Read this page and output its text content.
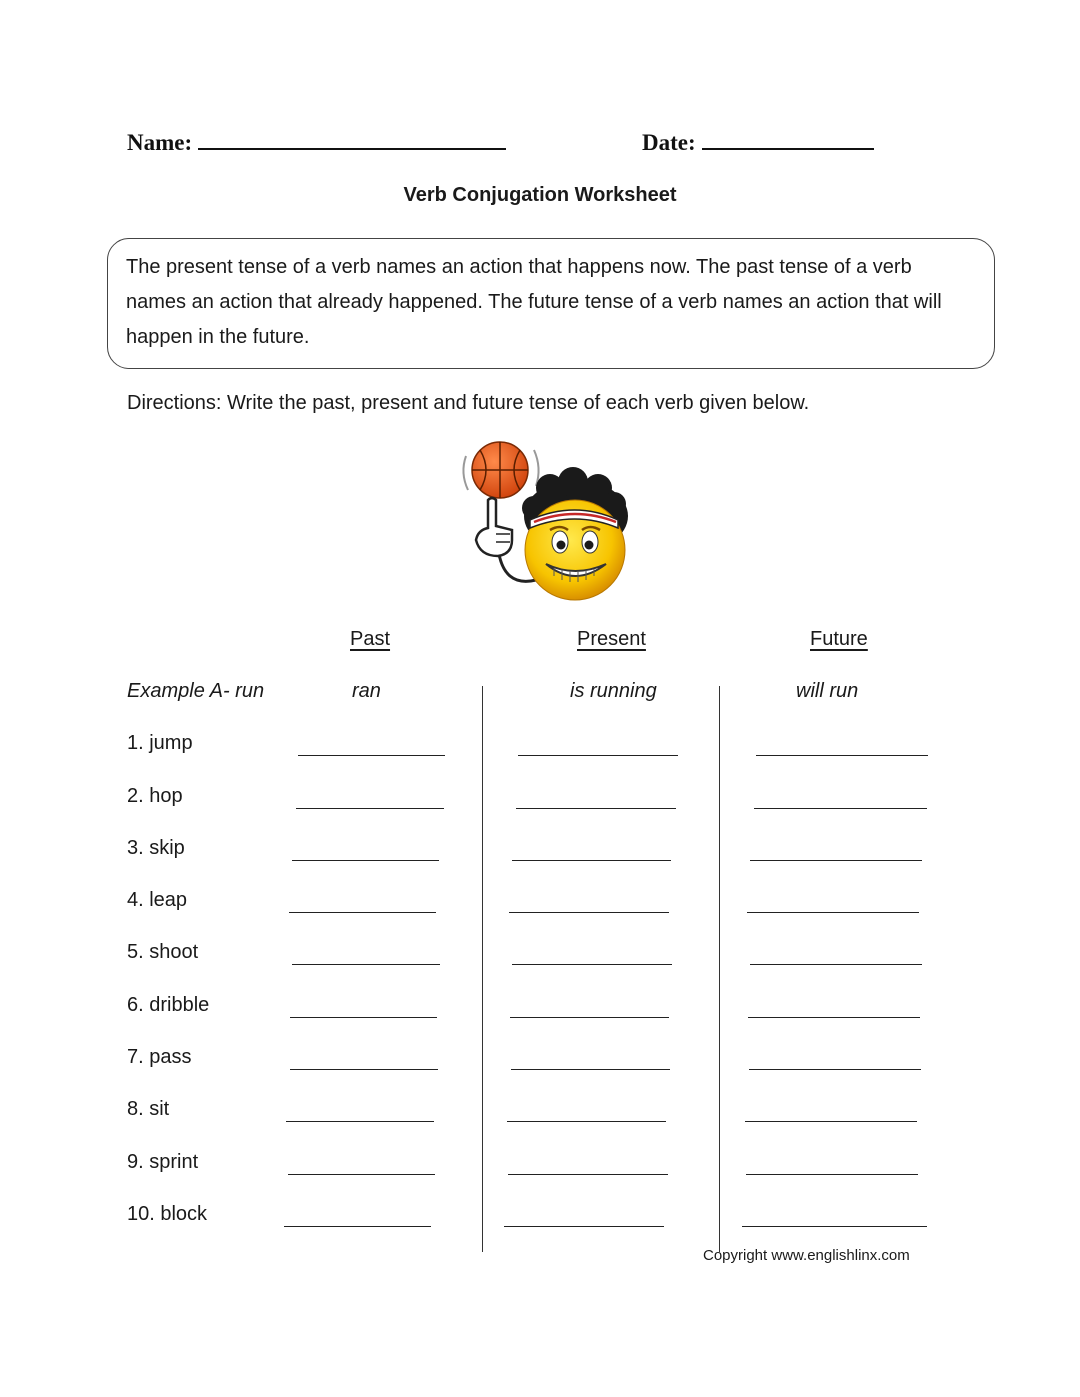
Name:	Date:
Verb Conjugation Worksheet
The present tense of a verb names an action that happens now. The past tense of a verb names an action that already happened. The future tense of a verb names an action that will happen in the future.
Directions: Write the past, present and future tense of each verb given below.
Past	Present	Future
Example A- run	ran	is running	will run
1. jump
2. hop
3. skip
4. leap
5. shoot
6. dribble
7. pass
8. sit
9. sprint
10. block
Copyright www.englishlinx.com
